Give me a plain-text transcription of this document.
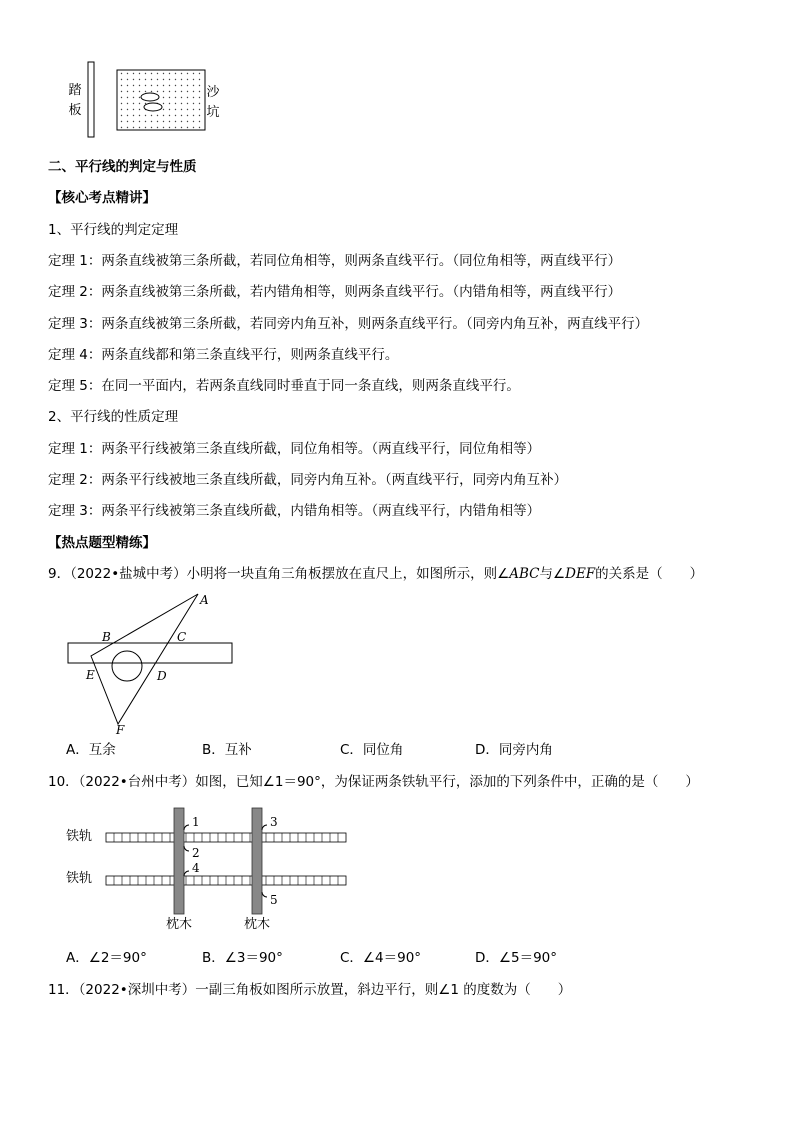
踏
板
沙
坑
二、平行线的判定与性质
【核心考点精讲】
1、平行线的判定定理
定理 1：两条直线被第三条所截，若同位角相等，则两条直线平行。（同位角相等，两直线平行）
定理 2：两条直线被第三条所截，若内错角相等，则两条直线平行。（内错角相等，两直线平行）
定理 3：两条直线被第三条所截，若同旁内角互补，则两条直线平行。（同旁内角互补，两直线平行）
定理 4：两条直线都和第三条直线平行，则两条直线平行。
定理 5：在同一平面内，若两条直线同时垂直于同一条直线，则两条直线平行。
2、平行线的性质定理
定理 1：两条平行线被第三条直线所截，同位角相等。（两直线平行，同位角相等）
定理 2：两条平行线被地三条直线所截，同旁内角互补。（两直线平行，同旁内角互补）
定理 3：两条平行线被第三条直线所截，内错角相等。（两直线平行，内错角相等）
【热点题型精练】
9．（2022•盐城中考）小明将一块直角三角板摆放在直尺上，如图所示，则∠ABC与∠DEF的关系是（　　）
A
B	C
D
E
F
A．互余	B．互补	C．同位角	D．同旁内角
10．（2022•台州中考）如图，已知∠1＝90°，为保证两条铁轨平行，添加的下列条件中，正确的是（　　）
1
2
3
4
5
铁轨
铁轨
枕木	枕木
A．∠2＝90°	B．∠3＝90°	C．∠4＝90°	D．∠5＝90°
11．（2022•深圳中考）一副三角板如图所示放置，斜边平行，则∠1 的度数为（　　）
